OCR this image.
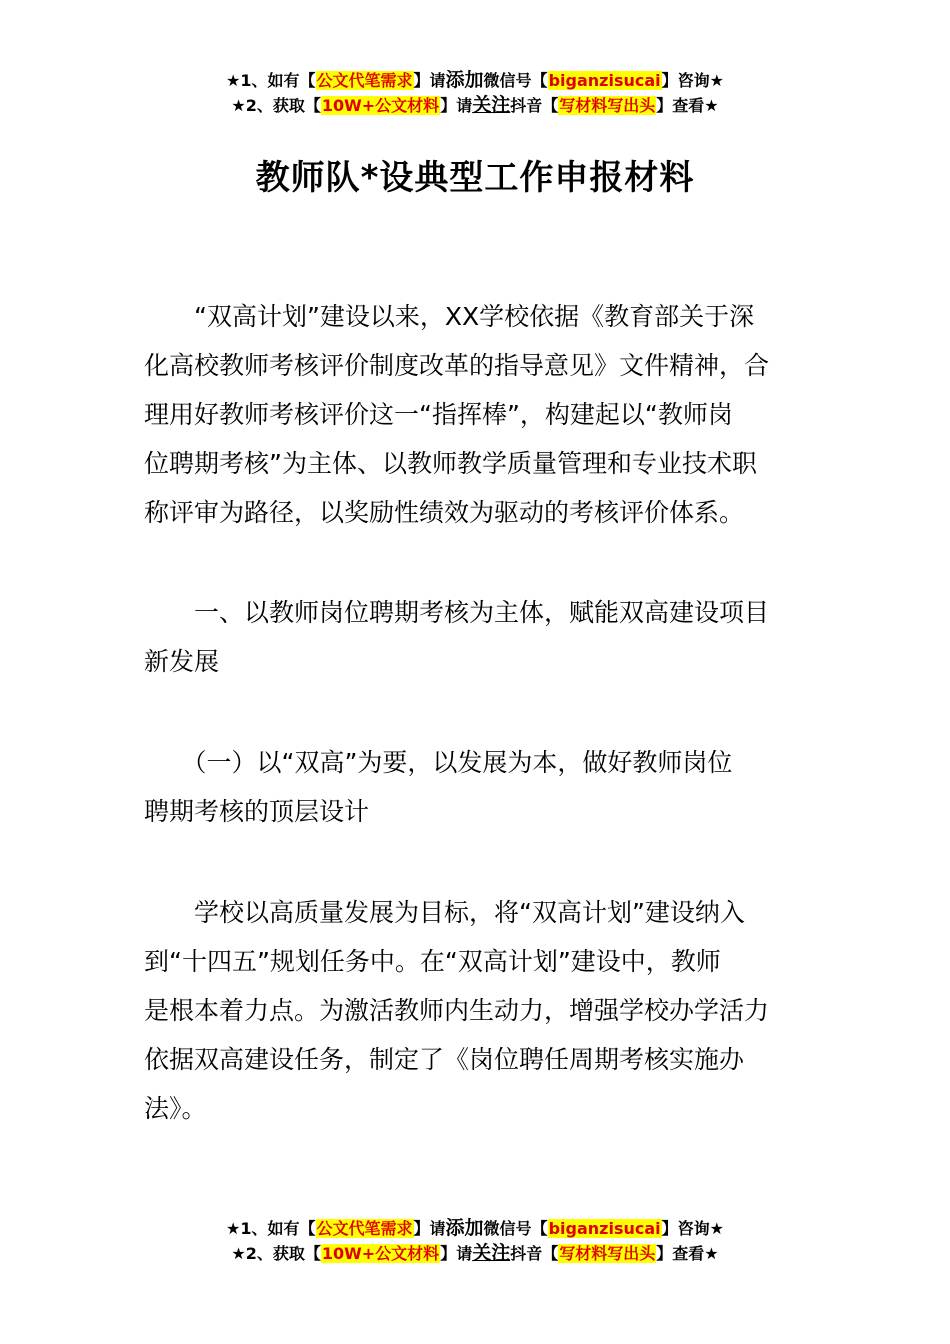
★1、如有【公文代笔需求】请添加微信号【biganzisucai】咨询★
★2、获取【10W+公文材料】请关注抖音【写材料写出头】查看★
教师队*设典型工作申报材料

　　“双高计划”建设以来，XX学校依据《教育部关于深
化高校教师考核评价制度改革的指导意见》文件精神，合
理用好教师考核评价这一“指挥棒”，构建起以“教师岗
位聘期考核”为主体、以教师教学质量管理和专业技术职
称评审为路径，以奖励性绩效为驱动的考核评价体系。

　　一、以教师岗位聘期考核为主体，赋能双高建设项目
新发展

　　（一）以“双高”为要，以发展为本，做好教师岗位
聘期考核的顶层设计

　　学校以高质量发展为目标，将“双高计划”建设纳入
到“十四五”规划任务中。在“双高计划”建设中，教师
是根本着力点。为激活教师内生动力，增强学校办学活力
依据双高建设任务，制定了《岗位聘任周期考核实施办
法》。

★1、如有【公文代笔需求】请添加微信号【biganzisucai】咨询★
★2、获取【10W+公文材料】请关注抖音【写材料写出头】查看★
